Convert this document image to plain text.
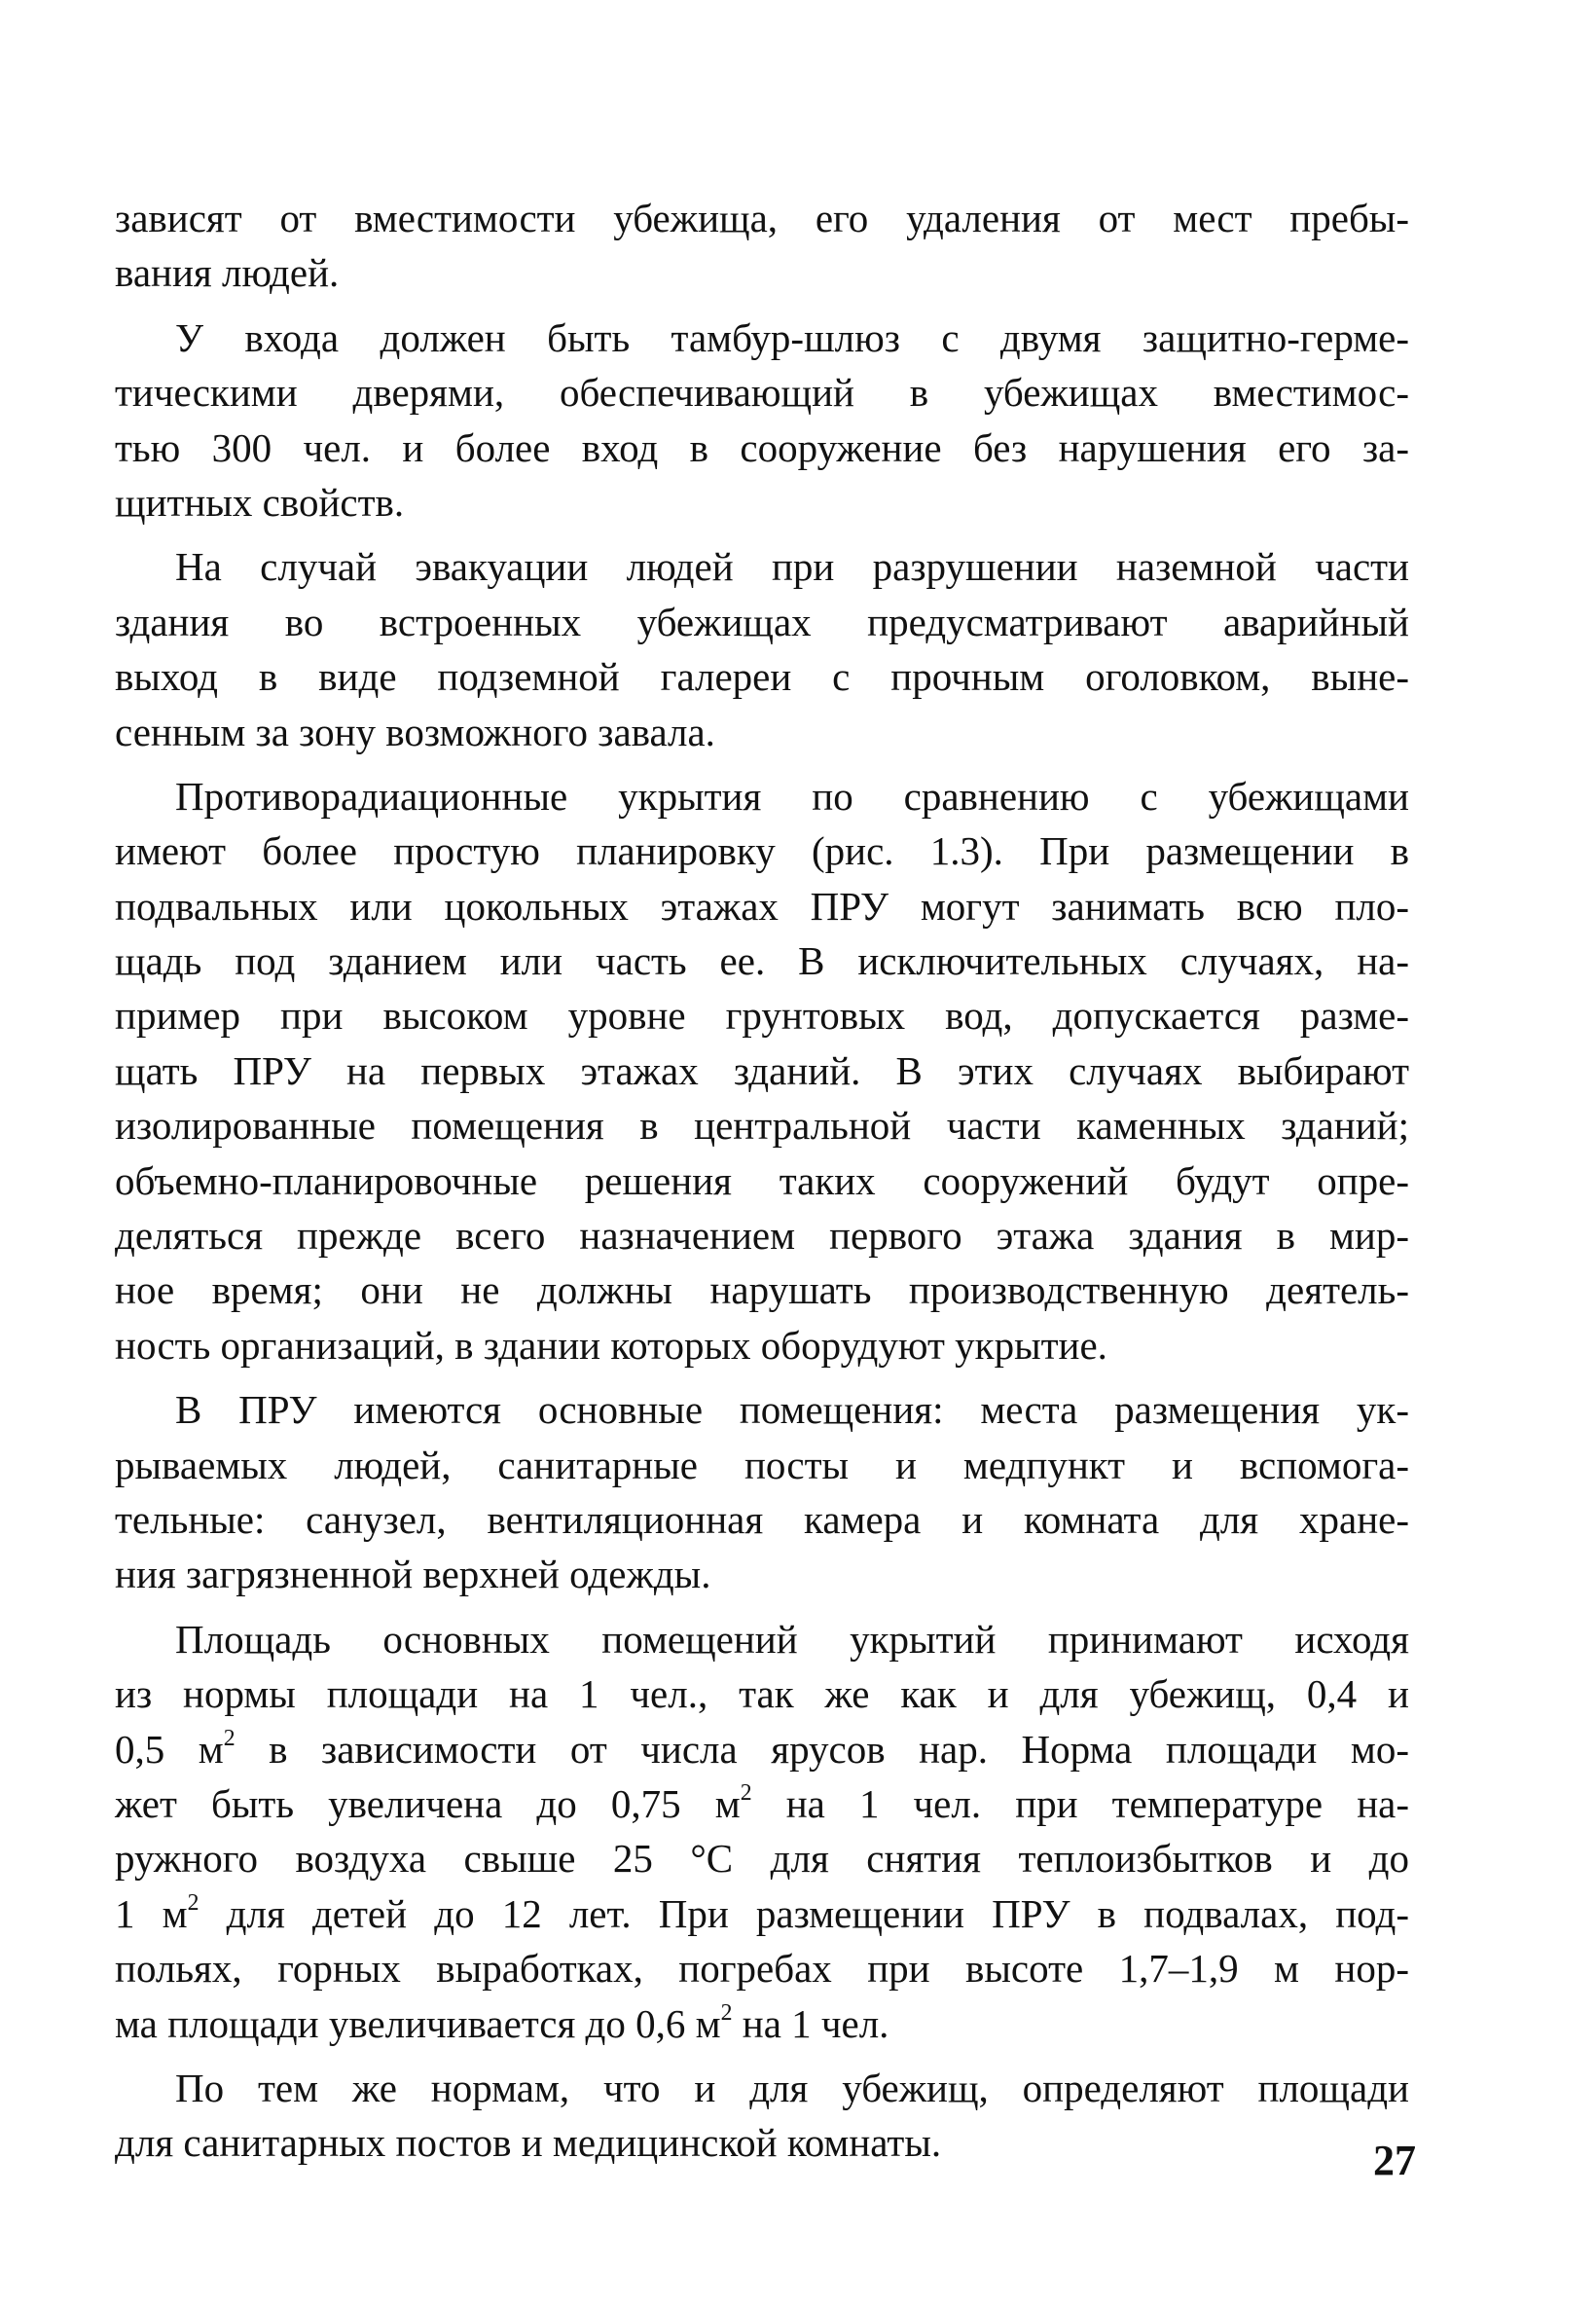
зависят от вместимости убежища, его удаления от мест пребы-
вания людей.
У входа должен быть тамбур-шлюз с двумя защитно-герме-
тическими дверями, обеспечивающий в убежищах вместимос-
тью 300 чел. и более вход в сооружение без нарушения его за-
щитных свойств.
На случай эвакуации людей при разрушении наземной части
здания во встроенных убежищах предусматривают аварийный
выход в виде подземной галереи с прочным оголовком, выне-
сенным за зону возможного завала.
Противорадиационные укрытия по сравнению с убежищами
имеют более простую планировку (рис. 1.3). При размещении в
подвальных или цокольных этажах ПРУ могут занимать всю пло-
щадь под зданием или часть ее. В исключительных случаях, на-
пример при высоком уровне грунтовых вод, допускается разме-
щать ПРУ на первых этажах зданий. В этих случаях выбирают
изолированные помещения в центральной части каменных зданий;
объемно-планировочные решения таких сооружений будут опре-
деляться прежде всего назначением первого этажа здания в мир-
ное время; они не должны нарушать производственную деятель-
ность организаций, в здании которых оборудуют укрытие.
В ПРУ имеются основные помещения: места размещения ук-
рываемых людей, санитарные посты и медпункт и вспомога-
тельные: санузел, вентиляционная камера и комната для хране-
ния загрязненной верхней одежды.
Площадь основных помещений укрытий принимают исходя
из нормы площади на 1 чел., так же как и для убежищ, 0,4 и
0,5 $м^2$ в зависимости от числа ярусов нар. Норма площади мо-
жет быть увеличена до 0,75 $м^2$ на 1 чел. при температуре на-
ружного воздуха свыше 25 °С для снятия теплоизбытков и до
1 $м^2$ для детей до 12 лет. При размещении ПРУ в подвалах, под-
польях, горных выработках, погребах при высоте 1,7–1,9 м нор-
ма площади увеличивается до 0,6 $м^2$ на 1 чел.
По тем же нормам, что и для убежищ, определяют площади
для санитарных постов и медицинской комнаты.	27
